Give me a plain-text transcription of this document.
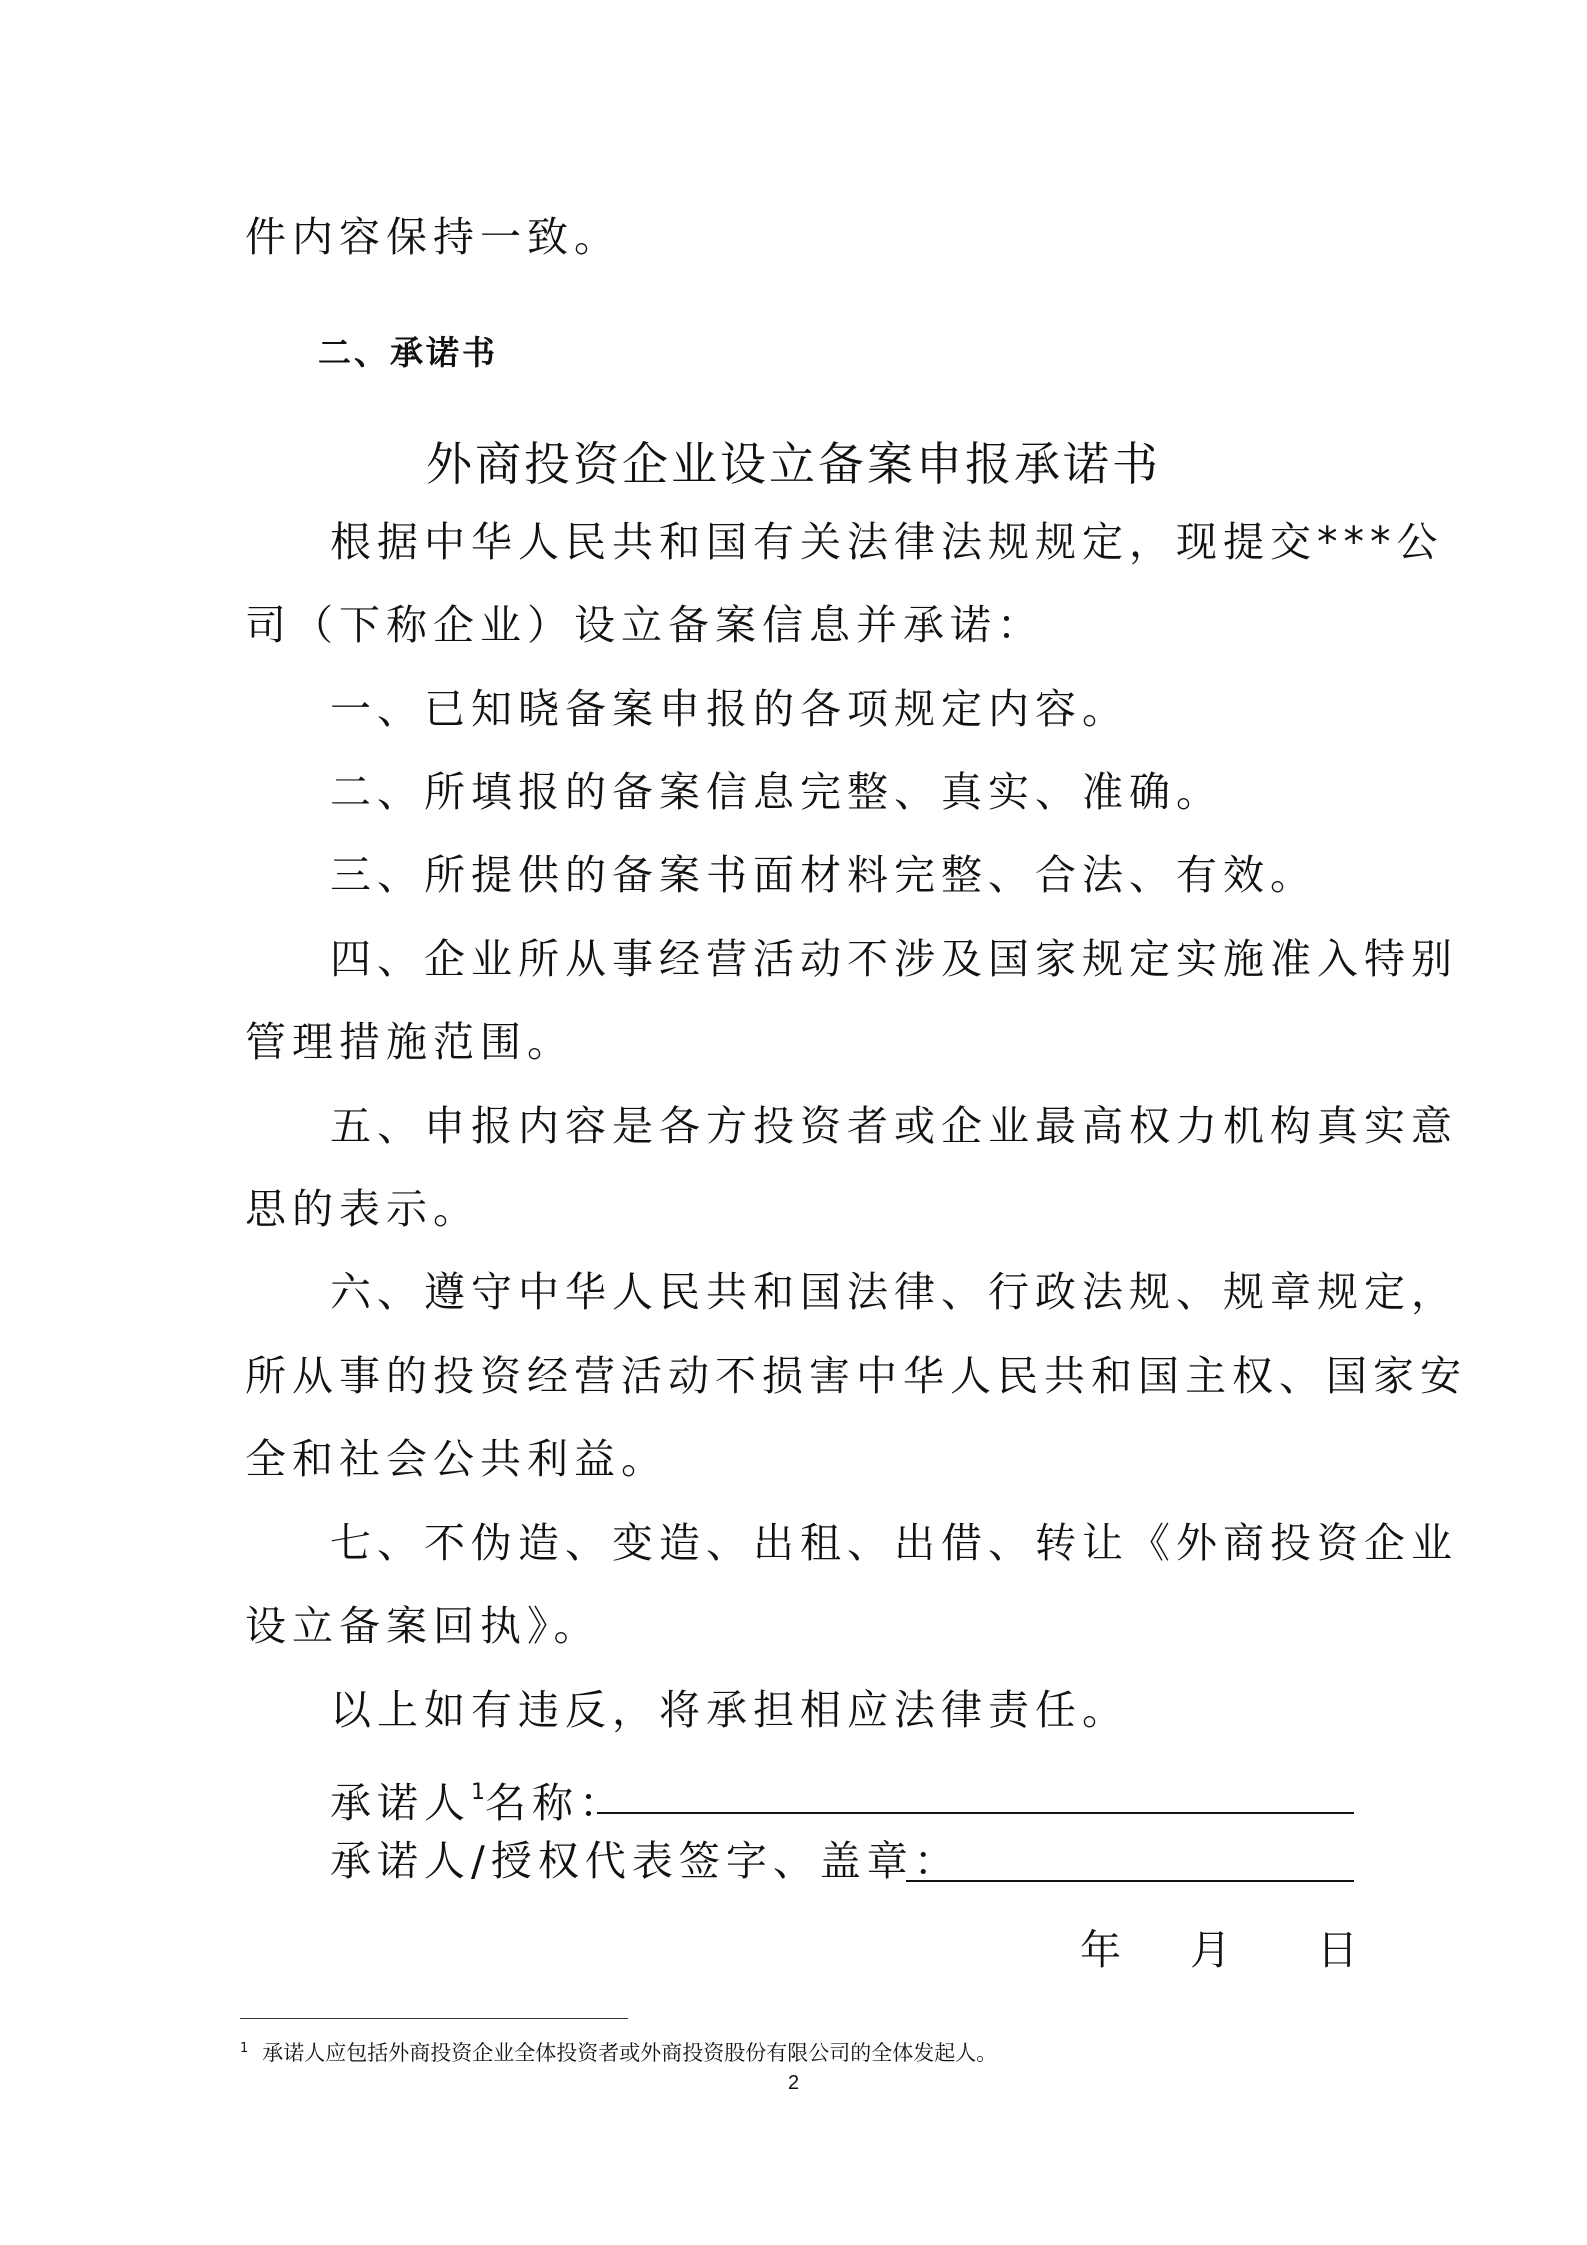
件内容保持一致。
二、承诺书
外商投资企业设立备案申报承诺书
根据中华人民共和国有关法律法规规定，现提交***公
司（下称企业）设立备案信息并承诺：
一、已知晓备案申报的各项规定内容。
二、所填报的备案信息完整、真实、准确。
三、所提供的备案书面材料完整、合法、有效。
四、企业所从事经营活动不涉及国家规定实施准入特别
管理措施范围。
五、申报内容是各方投资者或企业最高权力机构真实意
思的表示。
六、遵守中华人民共和国法律、行政法规、规章规定，
所从事的投资经营活动不损害中华人民共和国主权、国家安
全和社会公共利益。
七、不伪造、变造、出租、出借、转让《外商投资企业
设立备案回执》。
以上如有违反，将承担相应法律责任。
承诺人$^1$名称：
承诺人/授权代表签字、盖章：
年 月 日
$^1$ 承诺人应包括外商投资企业全体投资者或外商投资股份有限公司的全体发起人。
2
